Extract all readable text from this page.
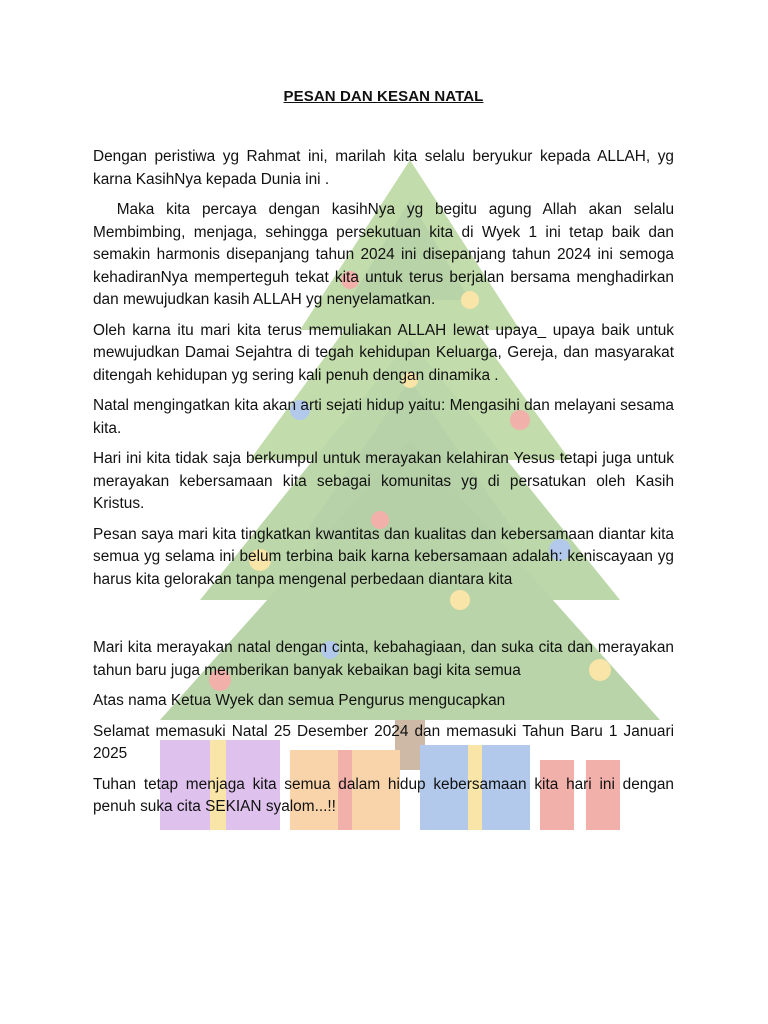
PESAN DAN KESAN NATAL

Dengan peristiwa yg Rahmat ini, marilah kita selalu beryukur kepada ALLAH, yg karna KasihNya kepada Dunia ini .

Maka kita percaya dengan kasihNya yg begitu agung Allah akan selalu Membimbing, menjaga, sehingga persekutuan kita di Wyek 1 ini tetap baik dan semakin harmonis disepanjang tahun 2024 ini disepanjang tahun 2024 ini semoga kehadiranNya memperteguh tekat kita untuk terus berjalan bersama menghadirkan dan mewujudkan kasih ALLAH yg nenyelamatkan.

Oleh karna itu mari kita terus memuliakan ALLAH lewat upaya_ upaya baik untuk mewujudkan Damai Sejahtra di tegah kehidupan Keluarga, Gereja, dan masyarakat ditengah kehidupan yg sering kali penuh dengan dinamika .

Natal mengingatkan kita akan arti sejati hidup yaitu: Mengasihi dan melayani sesama kita.

Hari ini kita tidak saja berkumpul untuk merayakan kelahiran Yesus tetapi juga untuk merayakan kebersamaan kita sebagai komunitas yg di persatukan oleh Kasih Kristus.

Pesan saya mari kita tingkatkan kwantitas dan kualitas dan kebersamaan diantar kita semua yg selama ini belum terbina baik karna kebersamaan adalah: keniscayaan yg harus kita gelorakan tanpa mengenal perbedaan diantara kita

Mari kita merayakan natal dengan cinta, kebahagiaan, dan suka cita dan merayakan tahun baru juga memberikan banyak kebaikan bagi kita semua

Atas nama Ketua Wyek dan semua Pengurus mengucapkan

Selamat memasuki Natal 25 Desember 2024 dan memasuki Tahun Baru 1 Januari 2025

Tuhan tetap menjaga kita semua dalam hidup kebersamaan kita hari ini dengan penuh suka cita SEKIAN syalom...!!
